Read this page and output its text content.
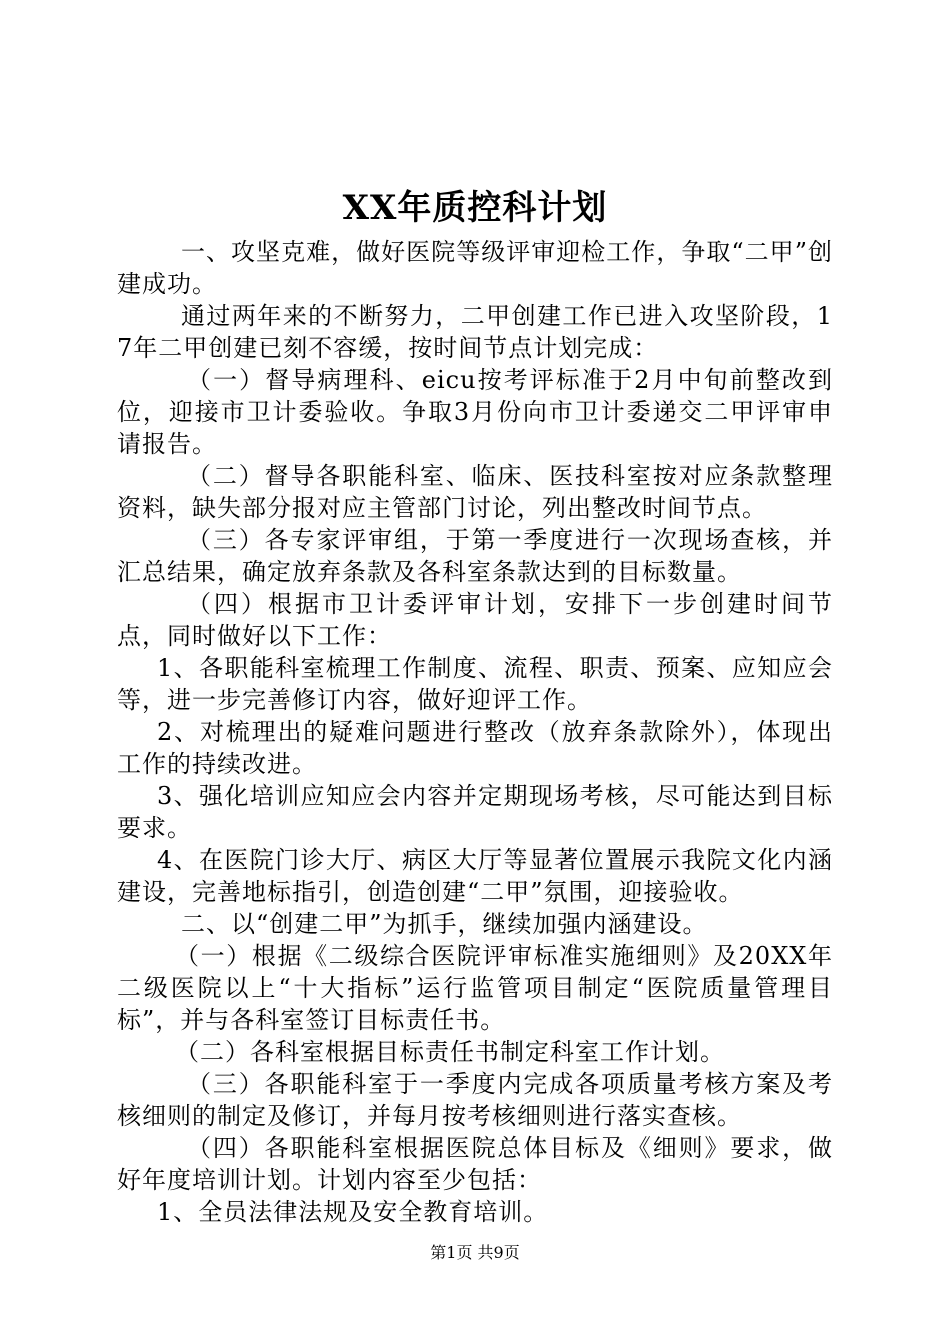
XX年质控科计划

一、攻坚克难，做好医院等级评审迎检工作，争取“二甲”创建成功。

通过两年来的不断努力，二甲创建工作已进入攻坚阶段，17年二甲创建已刻不容缓，按时间节点计划完成：

（一）督导病理科、eicu按考评标准于2月中旬前整改到位，迎接市卫计委验收。争取3月份向市卫计委递交二甲评审申请报告。

（二）督导各职能科室、临床、医技科室按对应条款整理资料，缺失部分报对应主管部门讨论，列出整改时间节点。

（三）各专家评审组，于第一季度进行一次现场查核，并汇总结果，确定放弃条款及各科室条款达到的目标数量。

（四）根据市卫计委评审计划，安排下一步创建时间节点，同时做好以下工作：

1、各职能科室梳理工作制度、流程、职责、预案、应知应会等，进一步完善修订内容，做好迎评工作。

2、对梳理出的疑难问题进行整改（放弃条款除外），体现出工作的持续改进。

3、强化培训应知应会内容并定期现场考核，尽可能达到目标要求。

4、在医院门诊大厅、病区大厅等显著位置展示我院文化内涵建设，完善地标指引，创造创建“二甲”氛围，迎接验收。

二、以“创建二甲”为抓手，继续加强内涵建设。

（一）根据《二级综合医院评审标准实施细则》及20XX年二级医院以上“十大指标”运行监管项目制定“医院质量管理目标”，并与各科室签订目标责任书。

（二）各科室根据目标责任书制定科室工作计划。

（三）各职能科室于一季度内完成各项质量考核方案及考核细则的制定及修订，并每月按考核细则进行落实查核。

（四）各职能科室根据医院总体目标及《细则》要求，做好年度培训计划。计划内容至少包括：

1、全员法律法规及安全教育培训。

第1页 共9页
